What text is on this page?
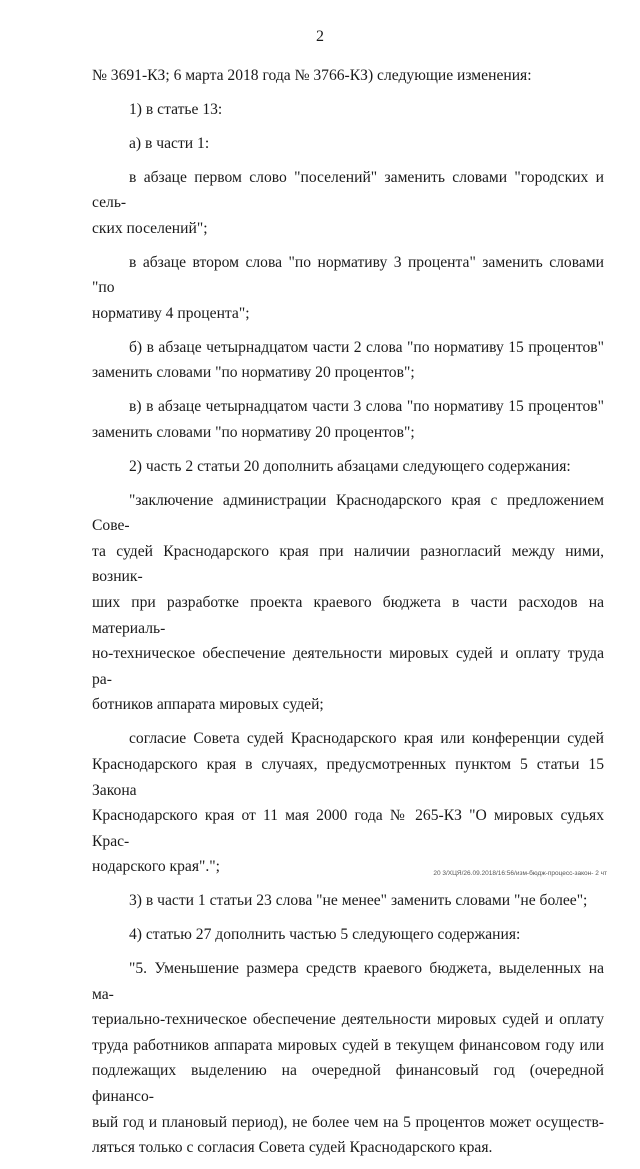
2
№ 3691-КЗ; 6 марта 2018 года № 3766-КЗ) следующие изменения:
1) в статье 13:
а) в части 1:
в абзаце первом слово "поселений" заменить словами "городских и сель-
ских поселений";
в абзаце втором слова "по нормативу 3 процента" заменить словами "по
нормативу 4 процента";
б) в абзаце четырнадцатом части 2 слова "по нормативу 15 процентов"
заменить словами "по нормативу 20 процентов";
в) в абзаце четырнадцатом части 3 слова "по нормативу 15 процентов"
заменить словами "по нормативу 20 процентов";
2) часть 2 статьи 20 дополнить абзацами следующего содержания:
"заключение администрации Краснодарского края с предложением Сове-
та судей Краснодарского края при наличии разногласий между ними, возник-
ших при разработке проекта краевого бюджета в части расходов на материаль-
но-техническое обеспечение деятельности мировых судей и оплату труда ра-
ботников аппарата мировых судей;
согласие Совета судей Краснодарского края или конференции судей
Краснодарского края в случаях, предусмотренных пунктом 5 статьи 15 Закона
Краснодарского края от 11 мая 2000 года № 265-КЗ "О мировых судьях Крас-
нодарского края".";
3) в части 1 статьи 23 слова "не менее" заменить словами "не более";
4) статью 27 дополнить частью 5 следующего содержания:
"5. Уменьшение размера средств краевого бюджета, выделенных на ма-
териально-техническое обеспечение деятельности мировых судей и оплату
труда работников аппарата мировых судей в текущем финансовом году или
подлежащих выделению на очередной финансовый год (очередной финансо-
вый год и плановый период), не более чем на 5 процентов может осуществ-
ляться только с согласия Совета судей Краснодарского края.
20 3/ХЦЯ/26.09.2018/16:56/изм-бюдж-процесс-закон- 2 чт
